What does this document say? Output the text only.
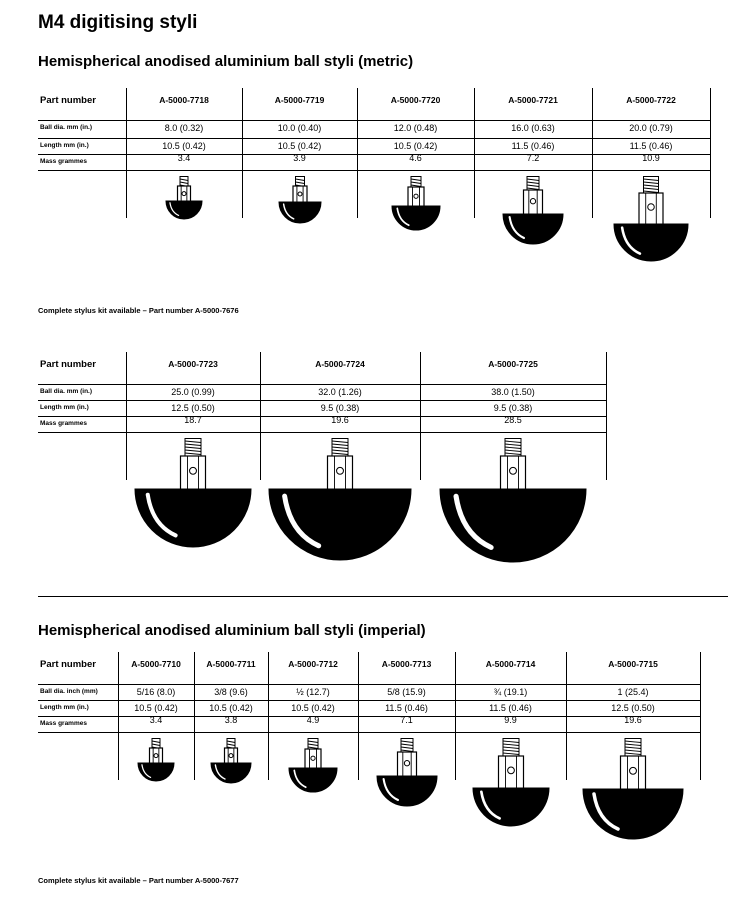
M4 digitising styli
Hemispherical anodised aluminium ball styli (metric)
Hemispherical anodised aluminium ball styli (imperial)
Part number
Ball dia. mm (in.)
Length mm (in.)
Mass grammes
A-5000-7718
8.0 (0.32)
10.5 (0.42)
3.4
A-5000-7719
10.0 (0.40)
10.5 (0.42)
3.9
A-5000-7720
12.0 (0.48)
10.5 (0.42)
4.6
A-5000-7721
16.0 (0.63)
11.5 (0.46)
7.2
A-5000-7722
20.0 (0.79)
11.5 (0.46)
10.9
Part number
Ball dia. mm (in.)
Length mm (in.)
Mass grammes
A-5000-7723
25.0 (0.99)
12.5 (0.50)
18.7
A-5000-7724
32.0 (1.26)
9.5 (0.38)
19.6
A-5000-7725
38.0 (1.50)
9.5 (0.38)
28.5
Part number
Ball dia. inch (mm)
Length mm (in.)
Mass grammes
A-5000-7710
5/16 (8.0)
10.5 (0.42)
3.4
A-5000-7711
3/8 (9.6)
10.5 (0.42)
3.8
A-5000-7712
½ (12.7)
10.5 (0.42)
4.9
A-5000-7713
5/8 (15.9)
11.5 (0.46)
7.1
A-5000-7714
¾ (19.1)
11.5 (0.46)
9.9
A-5000-7715
1 (25.4)
12.5 (0.50)
19.6
Complete stylus kit available – Part number A-5000-7676
Complete stylus kit available – Part number A-5000-7677
